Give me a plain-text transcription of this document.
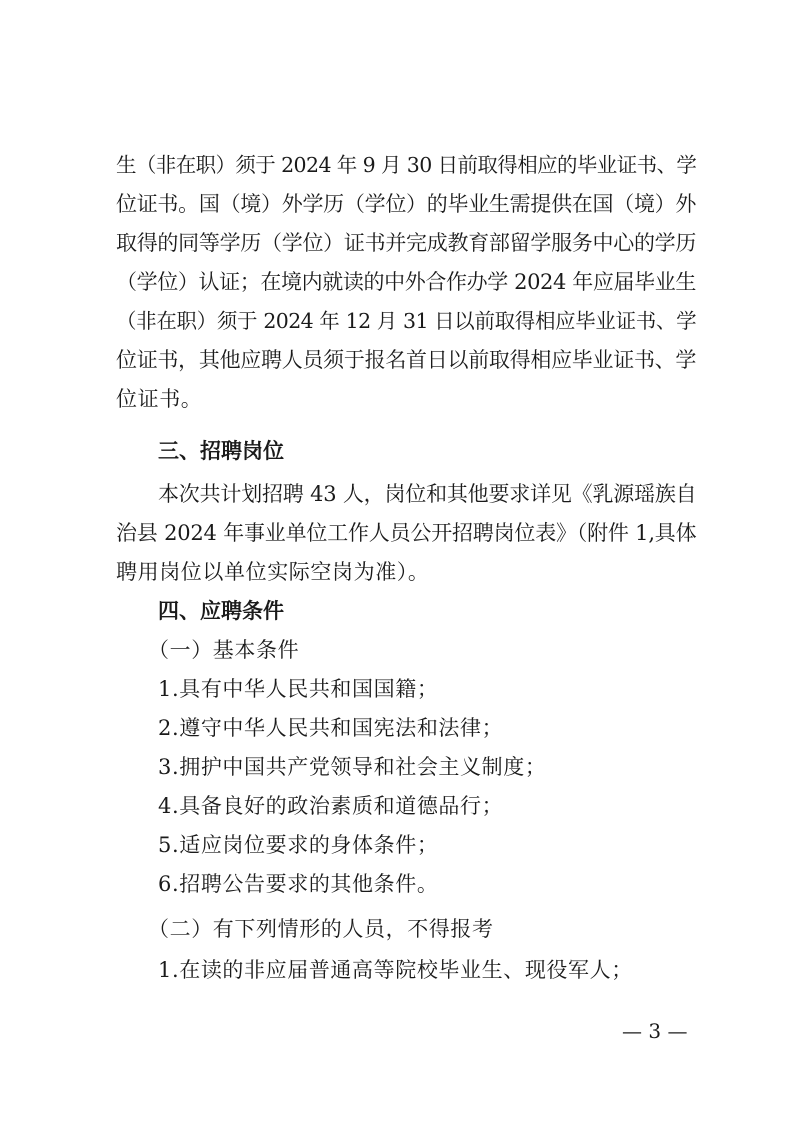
生（非在职）须于 2024 年 9 月 30 日前取得相应的毕业证书、学
位证书。国（境）外学历（学位）的毕业生需提供在国（境）外
取得的同等学历（学位）证书并完成教育部留学服务中心的学历
（学位）认证；在境内就读的中外合作办学 2024 年应届毕业生
（非在职）须于 2024 年 12 月 31 日以前取得相应毕业证书、学
位证书，其他应聘人员须于报名首日以前取得相应毕业证书、学
位证书。
三、招聘岗位
本次共计划招聘 43 人，岗位和其他要求详见《乳源瑶族自
治县 2024 年事业单位工作人员公开招聘岗位表》（附件 1,具体
聘用岗位以单位实际空岗为准）。
四、应聘条件
（一）基本条件
1.具有中华人民共和国国籍；
2.遵守中华人民共和国宪法和法律；
3.拥护中国共产党领导和社会主义制度；
4.具备良好的政治素质和道德品行；
5.适应岗位要求的身体条件；
6.招聘公告要求的其他条件。
（二）有下列情形的人员，不得报考
1.在读的非应届普通高等院校毕业生、现役军人；
— 3 —
